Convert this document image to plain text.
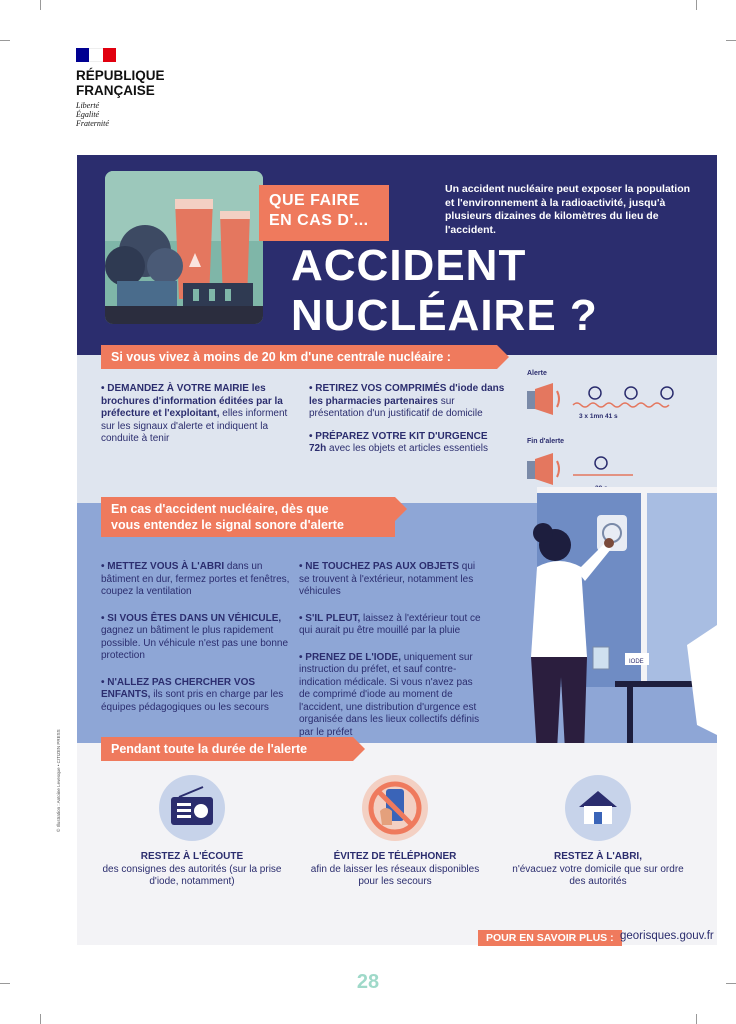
RÉPUBLIQUE
FRANÇAISE
Liberté
Égalité
Fraternité
QUE FAIRE
EN CAS D'...
Un accident nucléaire peut exposer la population et l'environnement à la radioactivité, jusqu'à plusieurs dizaines de kilomètres du lieu de l'accident.
ACCIDENT
NUCLÉAIRE ?
Si vous vivez à moins de 20 km d'une centrale nucléaire :
• DEMANDEZ À VOTRE MAIRIE les brochures d'information éditées par la préfecture et l'exploitant, elles informent sur les signaux d'alerte et indiquent la conduite à tenir
• RETIREZ VOS COMPRIMÉS d'iode dans les pharmacies partenaires sur présentation d'un justificatif de domicile
• PRÉPAREZ VOTRE KIT D'URGENCE 72h avec les objets et articles essentiels
Alerte
3 x 1mn 41 s
Fin d'alerte
En cas d'accident nucléaire, dès que
vous entendez le signal sonore d'alerte
• METTEZ VOUS À L'ABRI dans un bâtiment en dur, fermez portes et fenêtres, coupez la ventilation
• SI VOUS ÊTES DANS UN VÉHICULE, gagnez un bâtiment le plus rapidement possible. Un véhicule n'est pas une bonne protection
• N'ALLEZ PAS CHERCHER VOS ENFANTS, ils sont pris en charge par les équipes pédagogiques ou les secours
• NE TOUCHEZ PAS AUX OBJETS qui se trouvent à l'extérieur, notamment les véhicules
• S'IL PLEUT, laissez à l'extérieur tout ce qui aurait pu être mouillé par la pluie
• PRENEZ DE L'IODE, uniquement sur instruction du préfet, et sauf contre-indication médicale. Si vous n'avez pas de comprimé d'iode au moment de l'accident, une distribution d'urgence est organisée dans les lieux collectifs définis par le préfet
IODE
Pendant toute la durée de l'alerte
RESTEZ À L'ÉCOUTE
des consignes des autorités (sur la prise d'iode, notamment)
ÉVITEZ DE TÉLÉPHONER
afin de laisser les réseaux disponibles pour les secours
RESTEZ À L'ABRI,
n'évacuez votre domicile que sur ordre des autorités
POUR EN SAVOIR PLUS : georisques.gouv.fr
© Illustration : Antoine Levesque • CITIZEN PRESS
28
